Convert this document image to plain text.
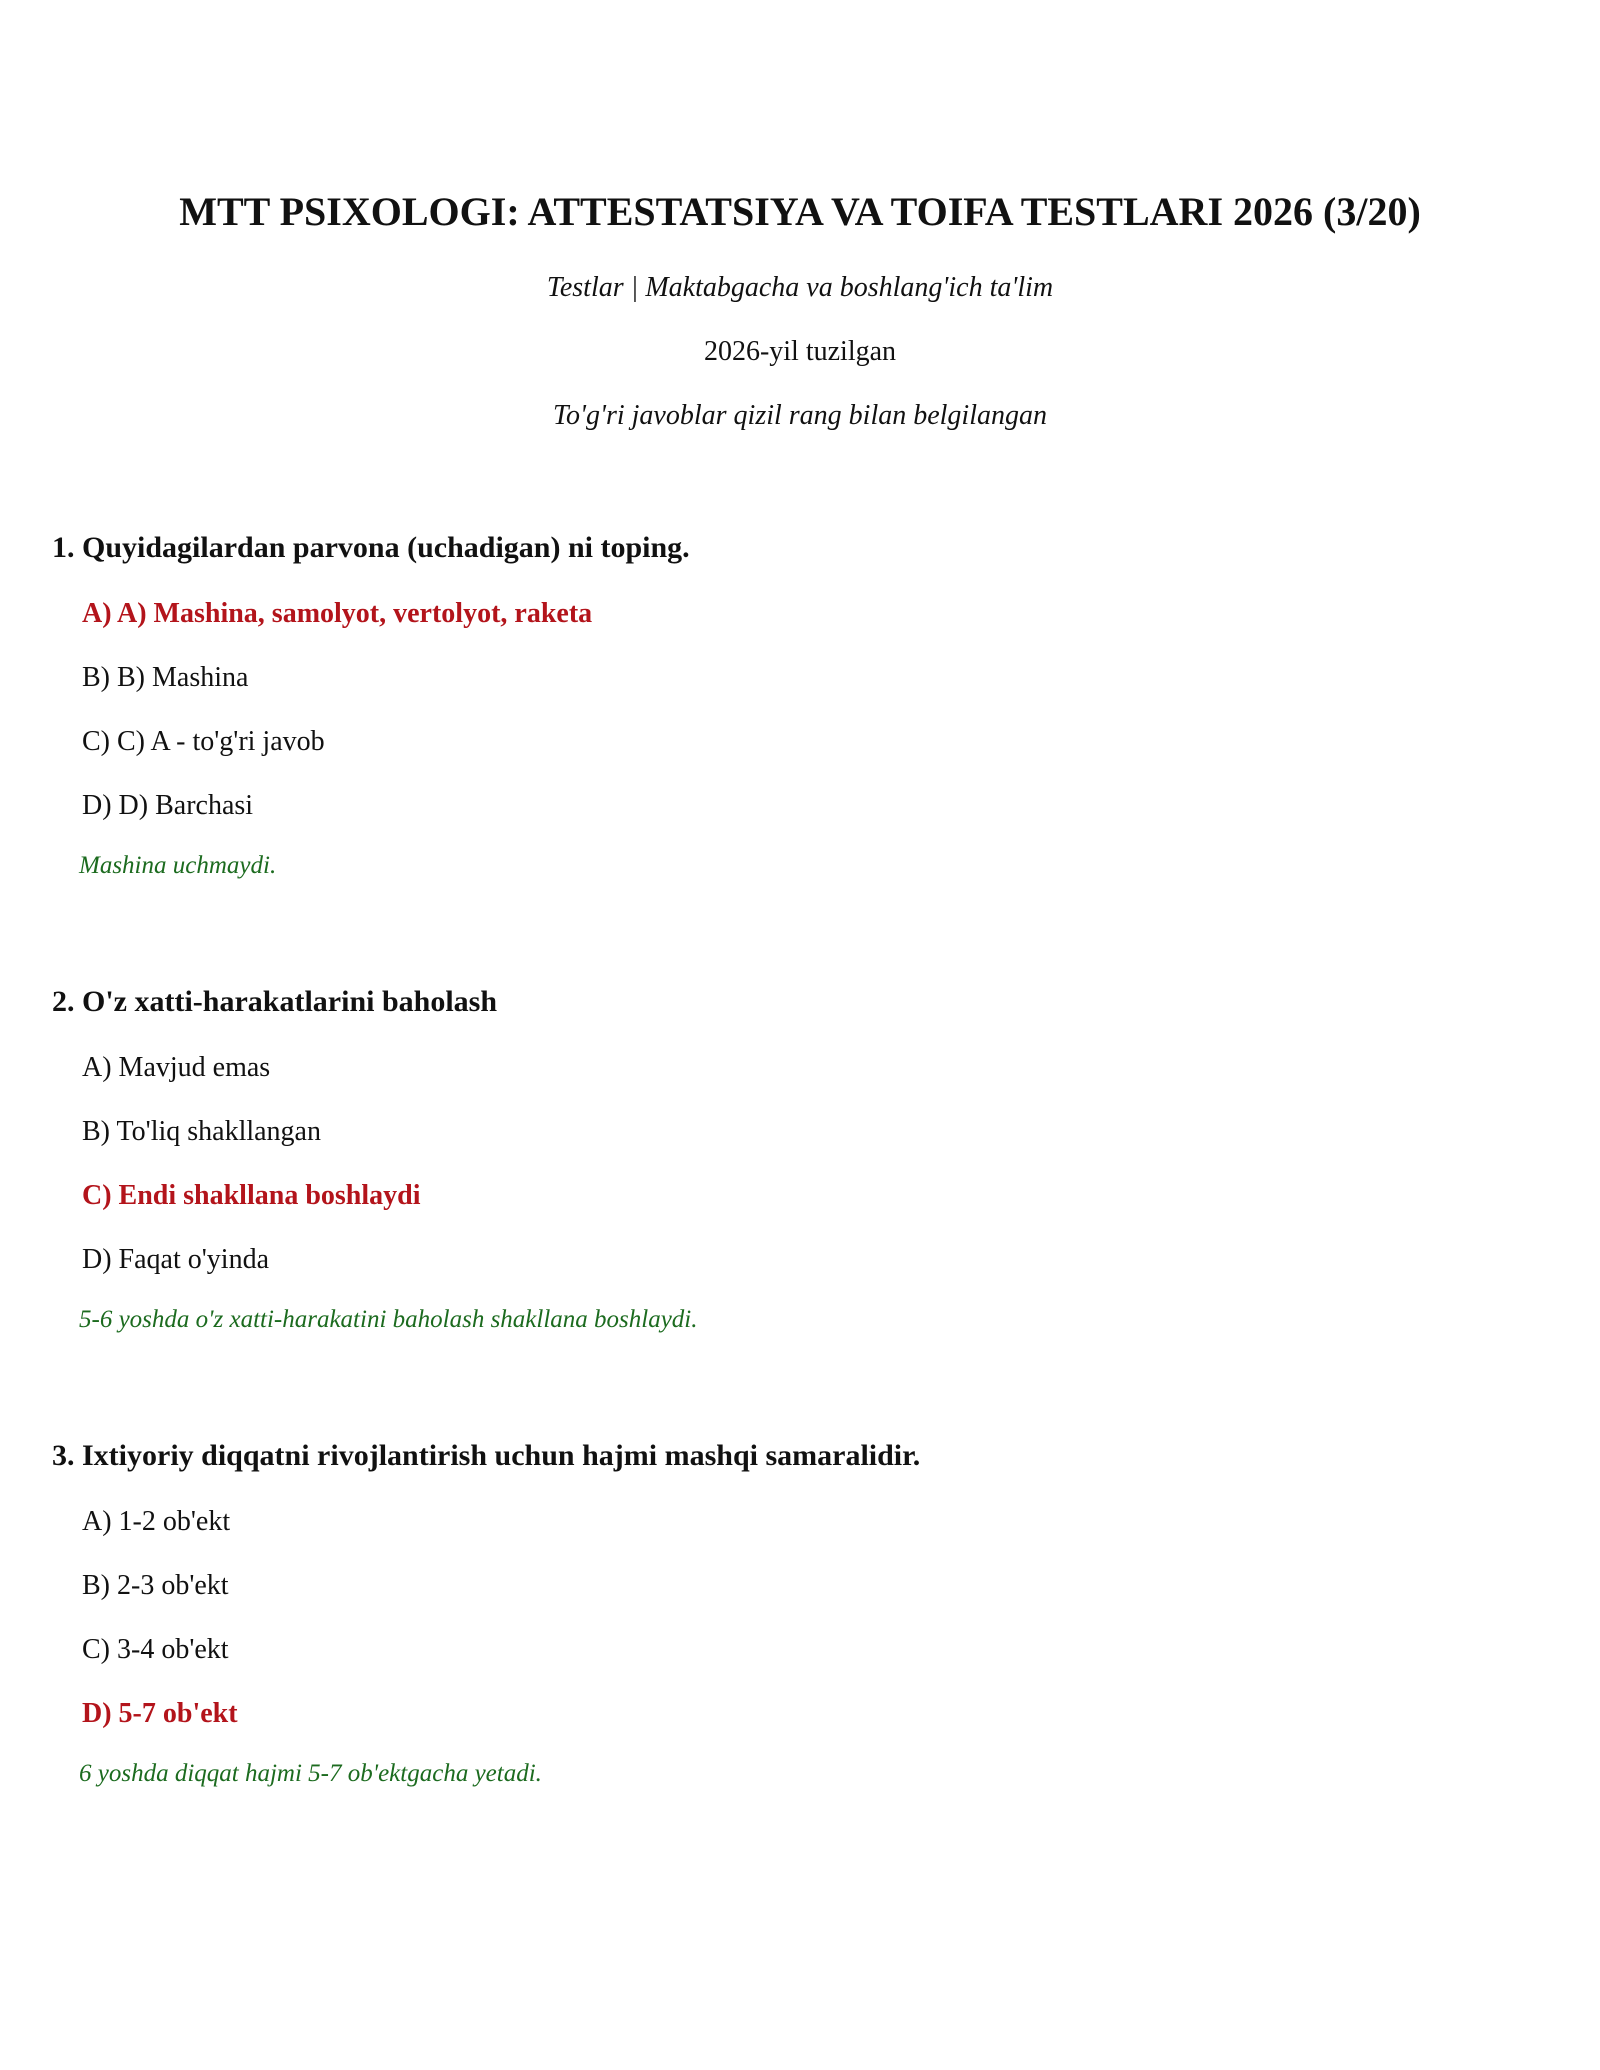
MTT PSIXOLOGI: ATTESTATSIYA VA TOIFA TESTLARI 2026 (3/20)
Testlar | Maktabgacha va boshlang'ich ta'lim
2026-yil tuzilgan
To'g'ri javoblar qizil rang bilan belgilangan
1. Quyidagilardan parvona (uchadigan) ni toping.
A) A) Mashina, samolyot, vertolyot, raketa
B) B) Mashina
C) C) A - to'g'ri javob
D) D) Barchasi
Mashina uchmaydi.
2. O'z xatti-harakatlarini baholash
A) Mavjud emas
B) To'liq shakllangan
C) Endi shakllana boshlaydi
D) Faqat o'yinda
5-6 yoshda o'z xatti-harakatini baholash shakllana boshlaydi.
3. Ixtiyoriy diqqatni rivojlantirish uchun hajmi mashqi samaralidir.
A) 1-2 ob'ekt
B) 2-3 ob'ekt
C) 3-4 ob'ekt
D) 5-7 ob'ekt
6 yoshda diqqat hajmi 5-7 ob'ektgacha yetadi.
